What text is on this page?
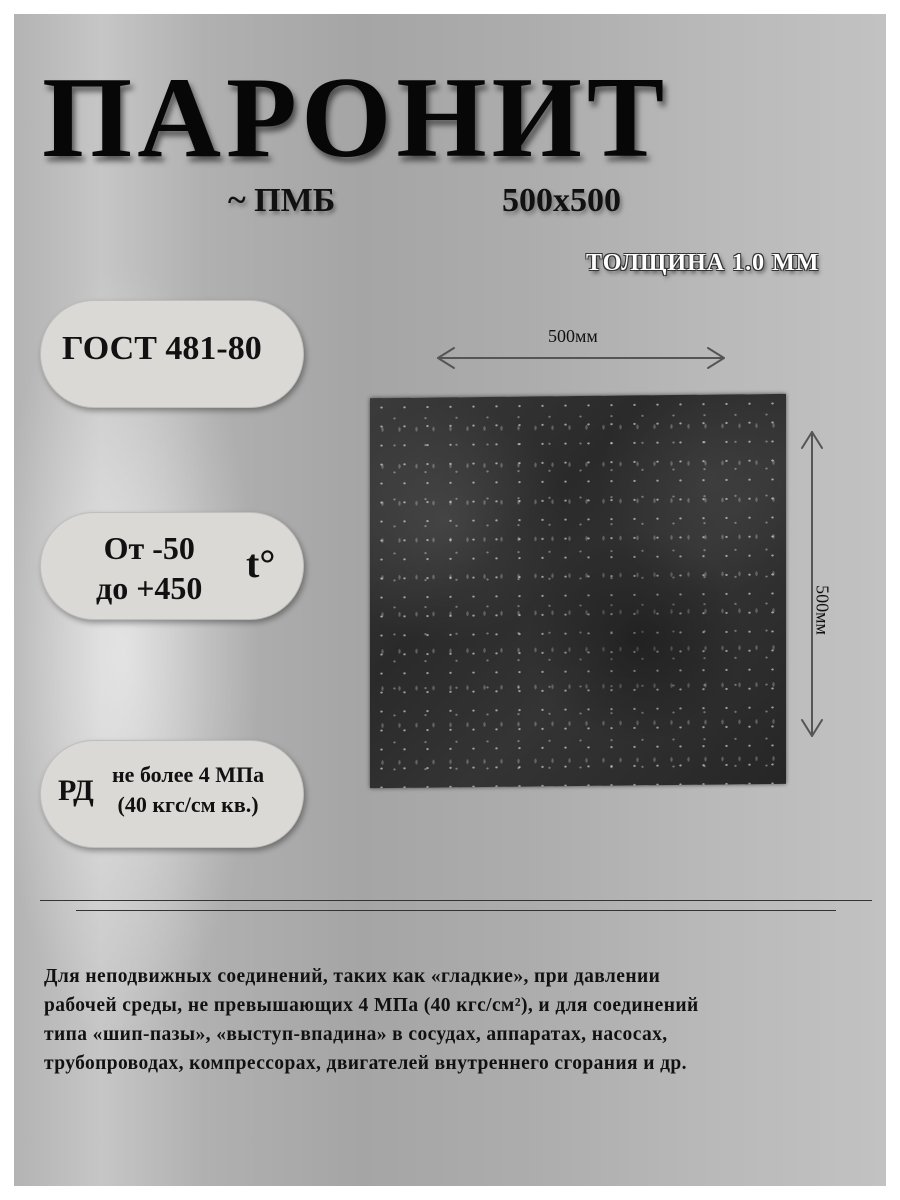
ПАРОНИТ
~ ПМБ	500х500
ТОЛЩИНА 1.0 ММ
ГОСТ 481-80
От -50
до +450
t°
РД не более 4 МПа
(40 кгс/см кв.)
500мм
500мм
Для неподвижных соединений, таких как «гладкие», при давлении
рабочей среды, не превышающих 4 МПа (40 кгс/см²), и для соединений
типа «шип-пазы», «выступ-впадина» в сосудах, аппаратах, насосах,
трубопроводах, компрессорах, двигателей внутреннего сгорания и др.
